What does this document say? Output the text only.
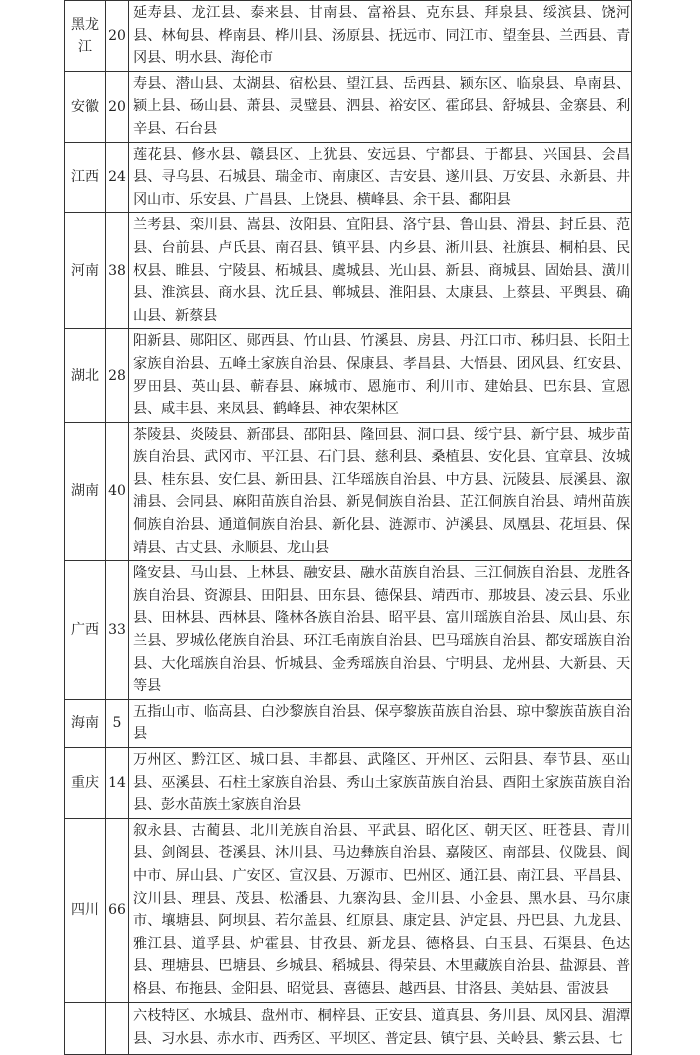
黑龙江	20	延寿县、龙江县、泰来县、甘南县、富裕县、克东县、拜泉县、绥滨县、饶河县、林甸县、桦南县、桦川县、汤原县、抚远市、同江市、望奎县、兰西县、青冈县、明水县、海伦市
安徽	20	寿县、潜山县、太湖县、宿松县、望江县、岳西县、颍东区、临泉县、阜南县、颍上县、砀山县、萧县、灵璧县、泗县、裕安区、霍邱县、舒城县、金寨县、利辛县、石台县
江西	24	莲花县、修水县、赣县区、上犹县、安远县、宁都县、于都县、兴国县、会昌县、寻乌县、石城县、瑞金市、南康区、吉安县、遂川县、万安县、永新县、井冈山市、乐安县、广昌县、上饶县、横峰县、余干县、鄱阳县
河南	38	兰考县、栾川县、嵩县、汝阳县、宜阳县、洛宁县、鲁山县、滑县、封丘县、范县、台前县、卢氏县、南召县、镇平县、内乡县、淅川县、社旗县、桐柏县、民权县、睢县、宁陵县、柘城县、虞城县、光山县、新县、商城县、固始县、潢川县、淮滨县、商水县、沈丘县、郸城县、淮阳县、太康县、上蔡县、平舆县、确山县、新蔡县
湖北	28	阳新县、郧阳区、郧西县、竹山县、竹溪县、房县、丹江口市、秭归县、长阳土家族自治县、五峰土家族自治县、保康县、孝昌县、大悟县、团风县、红安县、罗田县、英山县、蕲春县、麻城市、恩施市、利川市、建始县、巴东县、宣恩县、咸丰县、来凤县、鹤峰县、神农架林区
湖南	40	茶陵县、炎陵县、新邵县、邵阳县、隆回县、洞口县、绥宁县、新宁县、城步苗族自治县、武冈市、平江县、石门县、慈利县、桑植县、安化县、宜章县、汝城县、桂东县、安仁县、新田县、江华瑶族自治县、中方县、沅陵县、辰溪县、溆浦县、会同县、麻阳苗族自治县、新晃侗族自治县、芷江侗族自治县、靖州苗族侗族自治县、通道侗族自治县、新化县、涟源市、泸溪县、凤凰县、花垣县、保靖县、古丈县、永顺县、龙山县
广西	33	隆安县、马山县、上林县、融安县、融水苗族自治县、三江侗族自治县、龙胜各族自治县、资源县、田阳县、田东县、德保县、靖西市、那坡县、凌云县、乐业县、田林县、西林县、隆林各族自治县、昭平县、富川瑶族自治县、凤山县、东兰县、罗城仫佬族自治县、环江毛南族自治县、巴马瑶族自治县、都安瑶族自治县、大化瑶族自治县、忻城县、金秀瑶族自治县、宁明县、龙州县、大新县、天等县
海南	5	五指山市、临高县、白沙黎族自治县、保亭黎族苗族自治县、琼中黎族苗族自治县
重庆	14	万州区、黔江区、城口县、丰都县、武隆区、开州区、云阳县、奉节县、巫山县、巫溪县、石柱土家族自治县、秀山土家族苗族自治县、酉阳土家族苗族自治县、彭水苗族土家族自治县
四川	66	叙永县、古蔺县、北川羌族自治县、平武县、昭化区、朝天区、旺苍县、青川县、剑阁县、苍溪县、沐川县、马边彝族自治县、嘉陵区、南部县、仪陇县、阆中市、屏山县、广安区、宣汉县、万源市、巴州区、通江县、南江县、平昌县、汶川县、理县、茂县、松潘县、九寨沟县、金川县、小金县、黑水县、马尔康市、壤塘县、阿坝县、若尔盖县、红原县、康定县、泸定县、丹巴县、九龙县、雅江县、道孚县、炉霍县、甘孜县、新龙县、德格县、白玉县、石渠县、色达县、理塘县、巴塘县、乡城县、稻城县、得荣县、木里藏族自治县、盐源县、普格县、布拖县、金阳县、昭觉县、喜德县、越西县、甘洛县、美姑县、雷波县
		六枝特区、水城县、盘州市、桐梓县、正安县、道真县、务川县、凤冈县、湄潭县、习水县、赤水市、西秀区、平坝区、普定县、镇宁县、关岭县、紫云县、七
